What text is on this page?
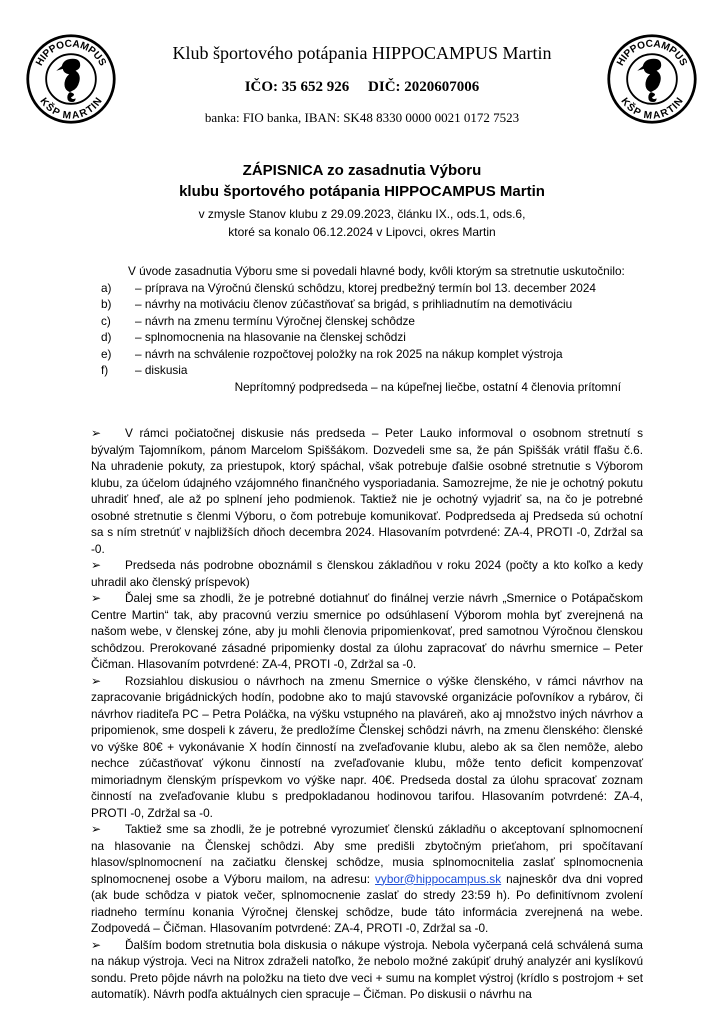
HIPPOCAMPUS
KŠP MARTIN
HIPPOCAMPUS
KŠP MARTIN
Klub športového potápania HIPPOCAMPUS Martin
IČO: 35 652 926 DIČ: 2020607006
banka: FIO banka, IBAN: SK48 8330 0000 0021 0172 7523
ZÁPISNICA zo zasadnutia Výboru
klubu športového potápania HIPPOCAMPUS Martin
v zmysle Stanov klubu z 29.09.2023, článku IX., ods.1, ods.6,
ktoré sa konalo 06.12.2024 v Lipovci, okres Martin

V úvode zasadnutia Výboru sme si povedali hlavné body, kvôli ktorým sa stretnutie uskutočnilo:

a)	– príprava na Výročnú členskú schôdzu, ktorej predbežný termín bol 13. december 2024
b)	– návrhy na motiváciu členov zúčastňovať sa brigád, s prihliadnutím na demotiváciu
c)	– návrh na zmenu termínu Výročnej členskej schôdze
d)	– splnomocnenia na hlasovanie na členskej schôdzi
e)	– návrh na schválenie rozpočtovej položky na rok 2025 na nákup komplet výstroja
f)	– diskusia
Neprítomný podpredseda – na kúpeľnej liečbe, ostatní 4 členovia prítomní

➢ V rámci počiatočnej diskusie nás predseda – Peter Lauko informoval o osobnom stretnutí s bývalým Tajomníkom, pánom Marcelom Spiššákom. Dozvedeli sme sa, že pán Spiššák vrátil fľašu č.6. Na uhradenie pokuty, za priestupok, ktorý spáchal, však potrebuje ďalšie osobné stretnutie s Výborom klubu, za účelom údajného vzájomného finančného vysporiadania. Samozrejme, že nie je ochotný pokutu uhradiť hneď, ale až po splnení jeho podmienok. Taktiež nie je ochotný vyjadriť sa, na čo je potrebné osobné stretnutie s členmi Výboru, o čom potrebuje komunikovať. Podpredseda aj Predseda sú ochotní sa s ním stretnúť v najbližších dňoch decembra 2024. Hlasovaním potvrdené: ZA-4, PROTI -0, Zdržal sa -0.

➢ Predseda nás podrobne oboznámil s členskou základňou v roku 2024 (počty a kto koľko a kedy uhradil ako členský príspevok)

➢ Ďalej sme sa zhodli, že je potrebné dotiahnuť do finálnej verzie návrh „Smernice o Potápačskom Centre Martin“ tak, aby pracovnú verziu smernice po odsúhlasení Výborom mohla byť zverejnená na našom webe, v členskej zóne, aby ju mohli členovia pripomienkovať, pred samotnou Výročnou členskou schôdzou. Prerokované zásadné pripomienky dostal za úlohu zapracovať do návrhu smernice – Peter Čičman. Hlasovaním potvrdené: ZA-4, PROTI -0, Zdržal sa -0.

➢ Rozsiahlou diskusiou o návrhoch na zmenu Smernice o výške členského, v rámci návrhov na zapracovanie brigádnických hodín, podobne ako to majú stavovské organizácie poľovníkov a rybárov, či návrhov riaditeľa PC – Petra Poláčka, na výšku vstupného na plaváreň, ako aj množstvo iných návrhov a pripomienok, sme dospeli k záveru, že predložíme Členskej schôdzi návrh, na zmenu členského: členské vo výške 80€ + vykonávanie X hodín činností na zveľaďovanie klubu, alebo ak sa člen nemôže, alebo nechce zúčastňovať výkonu činností na zveľaďovanie klubu, môže tento deficit kompenzovať mimoriadnym členským príspevkom vo výške napr. 40€. Predseda dostal za úlohu spracovať zoznam činností na zveľaďovanie klubu s predpokladanou hodinovou tarifou. Hlasovaním potvrdené: ZA-4, PROTI -0, Zdržal sa -0.

➢ Taktiež sme sa zhodli, že je potrebné vyrozumieť členskú základňu o akceptovaní splnomocnení na hlasovanie na Členskej schôdzi. Aby sme predišli zbytočným prieťahom, pri spočítavaní hlasov/splnomocnení na začiatku členskej schôdze, musia splnomocnitelia zaslať splnomocnenia splnomocnenej osobe a Výboru mailom, na adresu: vybor@hippocampus.sk najneskôr dva dni vopred (ak bude schôdza v piatok večer, splnomocnenie zaslať do stredy 23:59 h). Po definitívnom zvolení riadneho termínu konania Výročnej členskej schôdze, bude táto informácia zverejnená na webe. Zodpovedá – Čičman. Hlasovaním potvrdené: ZA-4, PROTI -0, Zdržal sa -0.

➢ Ďalším bodom stretnutia bola diskusia o nákupe výstroja. Nebola vyčerpaná celá schválená suma na nákup výstroja. Veci na Nitrox zdraželi natoľko, že nebolo možné zakúpiť druhý analyzér ani kyslíkovú sondu. Preto pôjde návrh na položku na tieto dve veci + sumu na komplet výstroj (krídlo s postrojom + set automatík). Návrh podľa aktuálnych cien spracuje – Čičman. Po diskusii o návrhu na
